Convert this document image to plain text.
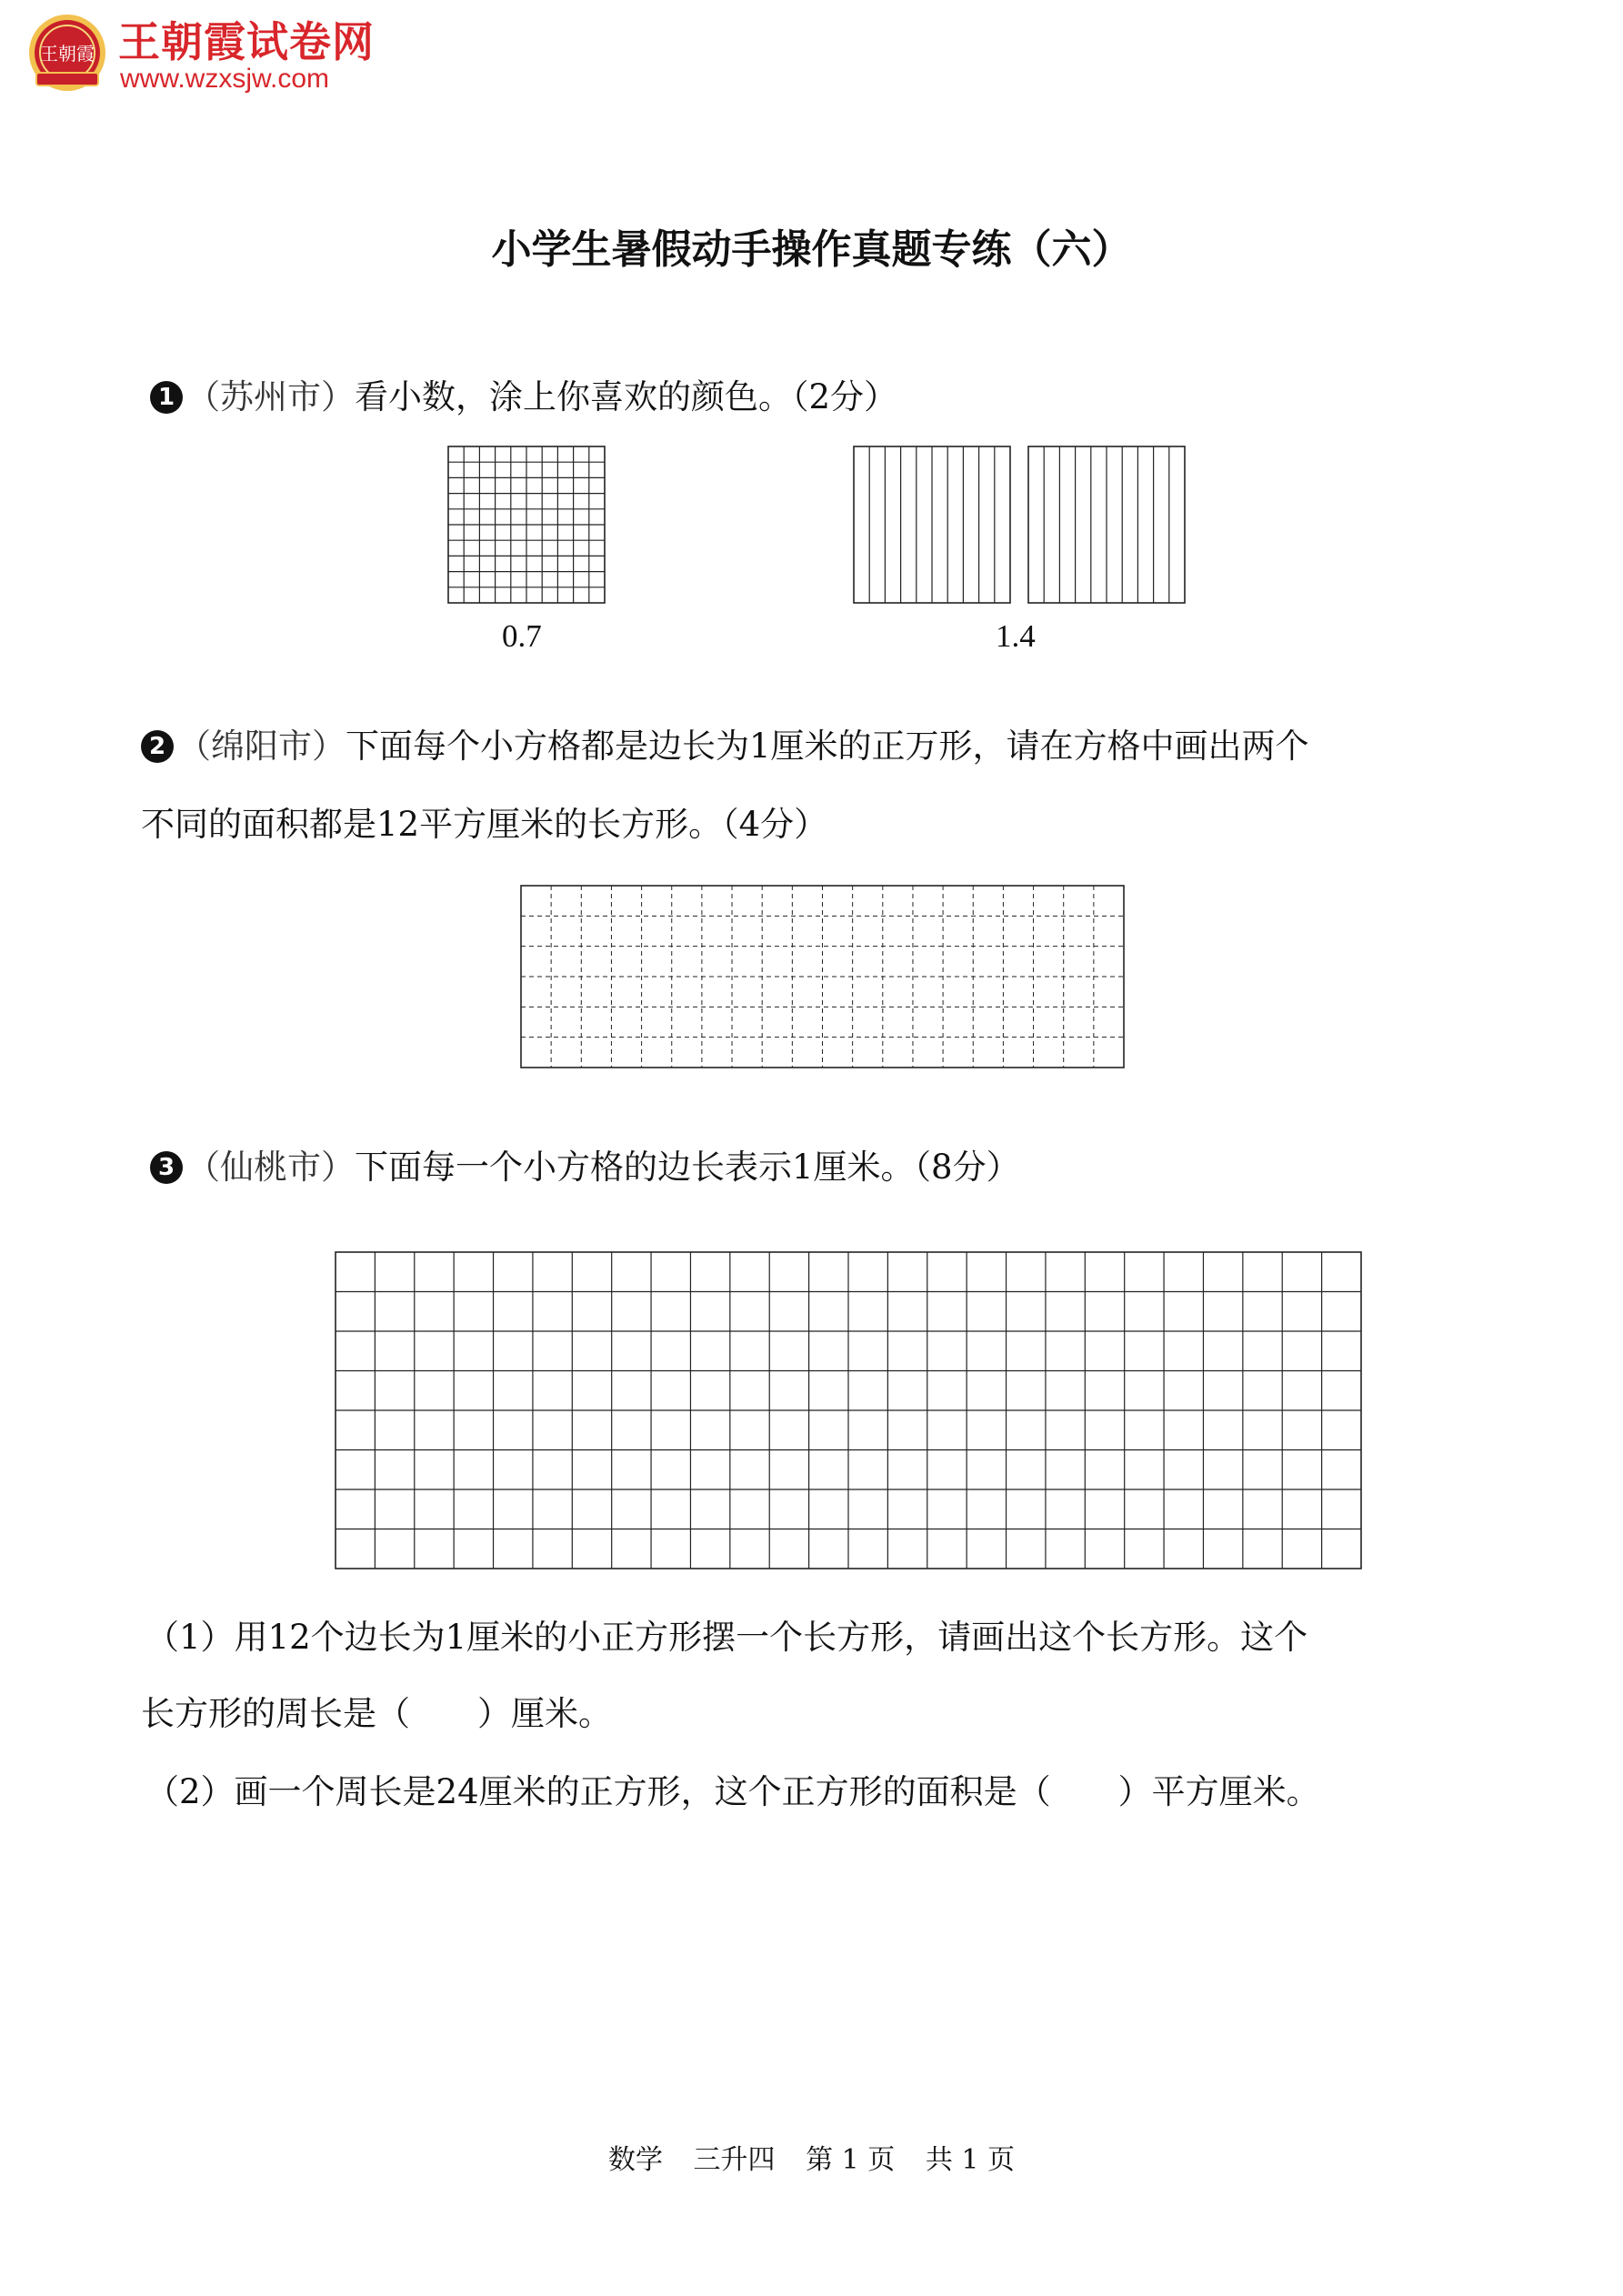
王朝霞 王朝霞试卷网
www.wzxsjw.com
小学生暑假动手操作真题专练（六）
1 （苏州市）看小数，涂上你喜欢的颜色。（2分）
0.7	1.4
2 （绵阳市）下面每个小方格都是边长为1厘米的正万形，请在方格中画出两个
不同的面积都是12平方厘米的长方形。（4分）
3 （仙桃市）下面每一个小方格的边长表示1厘米。（8分）
（1）用12个边长为1厘米的小正方形摆一个长方形，请画出这个长方形。这个
长方形的周长是（　　）厘米。
（2）画一个周长是24厘米的正方形，这个正方形的面积是（　　）平方厘米。
数学 三升四 第 1 页 共 1 页
